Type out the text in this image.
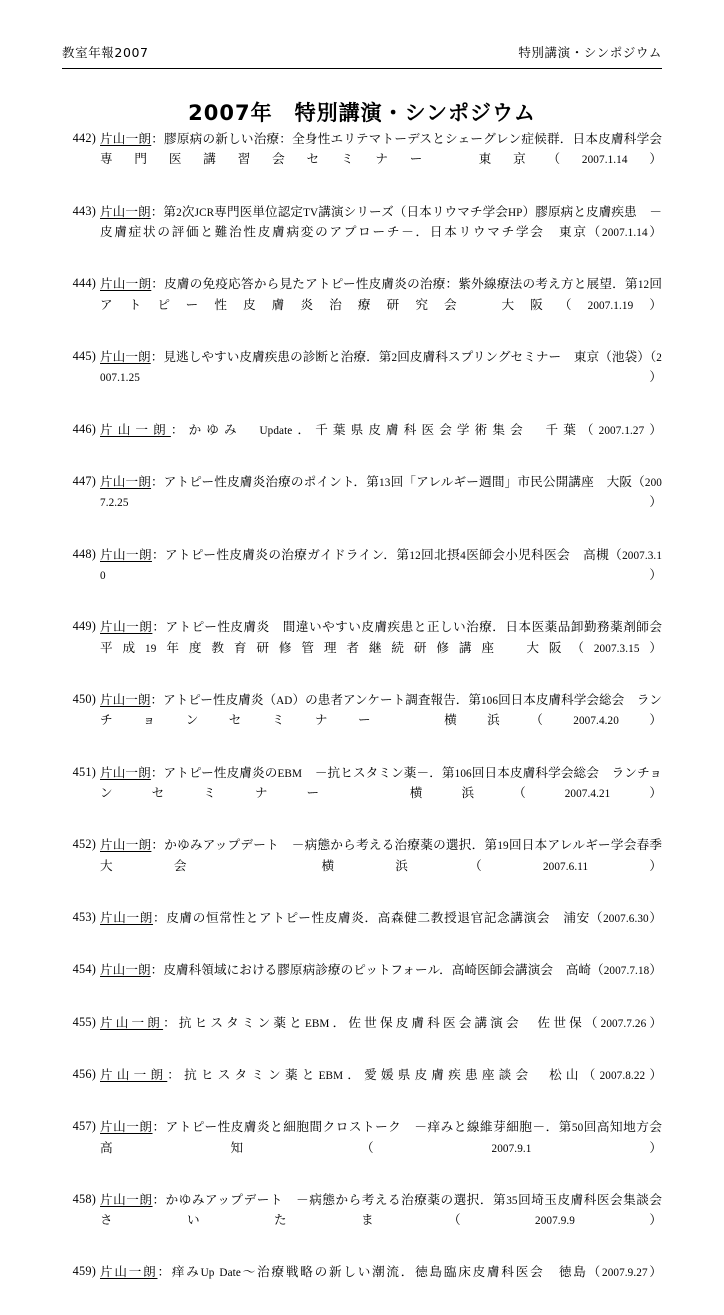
教室年報2007	特別講演・シンポジウム
2007年　特別講演・シンポジウム
442) 片山一朗：膠原病の新しい治療：全身性エリテマトーデスとシェーグレン症候群．日本皮膚科学会専門医講習会セミナー　東京（2007.1.14）
443) 片山一朗：第2次JCR専門医単位認定TV講演シリーズ（日本リウマチ学会HP）膠原病と皮膚疾患　－皮膚症状の評価と難治性皮膚病変のアプローチ－．日本リウマチ学会　東京（2007.1.14）
444) 片山一朗：皮膚の免疫応答から見たアトピー性皮膚炎の治療：紫外線療法の考え方と展望．第12回アトピー性皮膚炎治療研究会　大阪（2007.1.19）
445) 片山一朗：見逃しやすい皮膚疾患の診断と治療．第2回皮膚科スプリングセミナー　東京（池袋）（2007.1.25）
446) 片山一朗：かゆみ　Update．千葉県皮膚科医会学術集会　千葉（2007.1.27）
447) 片山一朗：アトピー性皮膚炎治療のポイント．第13回「アレルギー週間」市民公開講座　大阪（2007.2.25）
448) 片山一朗：アトピー性皮膚炎の治療ガイドライン．第12回北摂4医師会小児科医会　高槻（2007.3.10）
449) 片山一朗：アトピー性皮膚炎　間違いやすい皮膚疾患と正しい治療．日本医薬品卸勤務薬剤師会　平成19年度教育研修管理者継続研修講座　大阪（2007.3.15）
450) 片山一朗：アトピー性皮膚炎（AD）の患者アンケート調査報告．第106回日本皮膚科学会総会　ランチョンセミナー　横浜（2007.4.20）
451) 片山一朗：アトピー性皮膚炎のEBM　－抗ヒスタミン薬－．第106回日本皮膚科学会総会　ランチョンセミナー　横浜（2007.4.21）
452) 片山一朗：かゆみアップデート　－病態から考える治療薬の選択．第19回日本アレルギー学会春季大会　横浜（2007.6.11）
453) 片山一朗：皮膚の恒常性とアトピー性皮膚炎．高森健二教授退官記念講演会　浦安（2007.6.30）
454) 片山一朗：皮膚科領域における膠原病診療のピットフォール．高崎医師会講演会　高崎（2007.7.18）
455) 片山一朗：抗ヒスタミン薬とEBM．佐世保皮膚科医会講演会　佐世保（2007.7.26）
456) 片山一朗：抗ヒスタミン薬とEBM．愛媛県皮膚疾患座談会　松山（2007.8.22）
457) 片山一朗：アトピー性皮膚炎と細胞間クロストーク　－痒みと線維芽細胞－．第50回高知地方会　高知（2007.9.1）
458) 片山一朗：かゆみアップデート　－病態から考える治療薬の選択．第35回埼玉皮膚科医会集談会　さいたま（2007.9.9）
459) 片山一朗：痒みUp Date～治療戦略の新しい潮流．徳島臨床皮膚科医会　徳島（2007.9.27）
